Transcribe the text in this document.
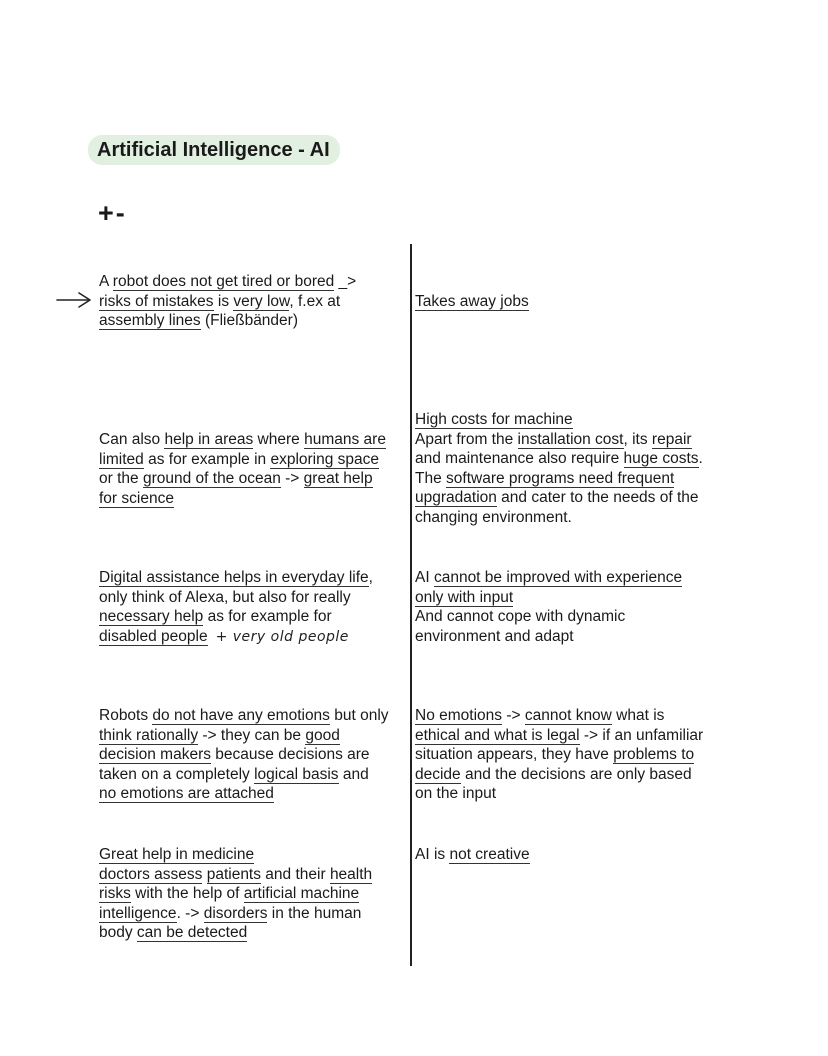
Artificial Intelligence - AI
+-
A robot does not get tired or bored _>
risks of mistakes is very low, f.ex at
assembly lines (Fließbänder)
Can also help in areas where humans are
limited as for example in exploring space
or the ground of the ocean -> great help
for science
Digital assistance helps in everyday life,
only think of Alexa, but also for really
necessary help as for example for
disabled people + very old people
Robots do not have any emotions but only
think rationally -> they can be good
decision makers because decisions are
taken on a completely logical basis and
no emotions are attached
Great help in medicine
doctors assess patients and their health
risks with the help of artificial machine
intelligence. -> disorders in the human
body can be detected
Takes away jobs
High costs for machine
Apart from the installation cost, its repair
and maintenance also require huge costs.
The software programs need frequent
upgradation and cater to the needs of the
changing environment.
AI cannot be improved with experience
only with input
And cannot cope with dynamic
environment and adapt
No emotions -> cannot know what is
ethical and what is legal -> if an unfamiliar
situation appears, they have problems to
decide and the decisions are only based
on the input
AI is not creative
